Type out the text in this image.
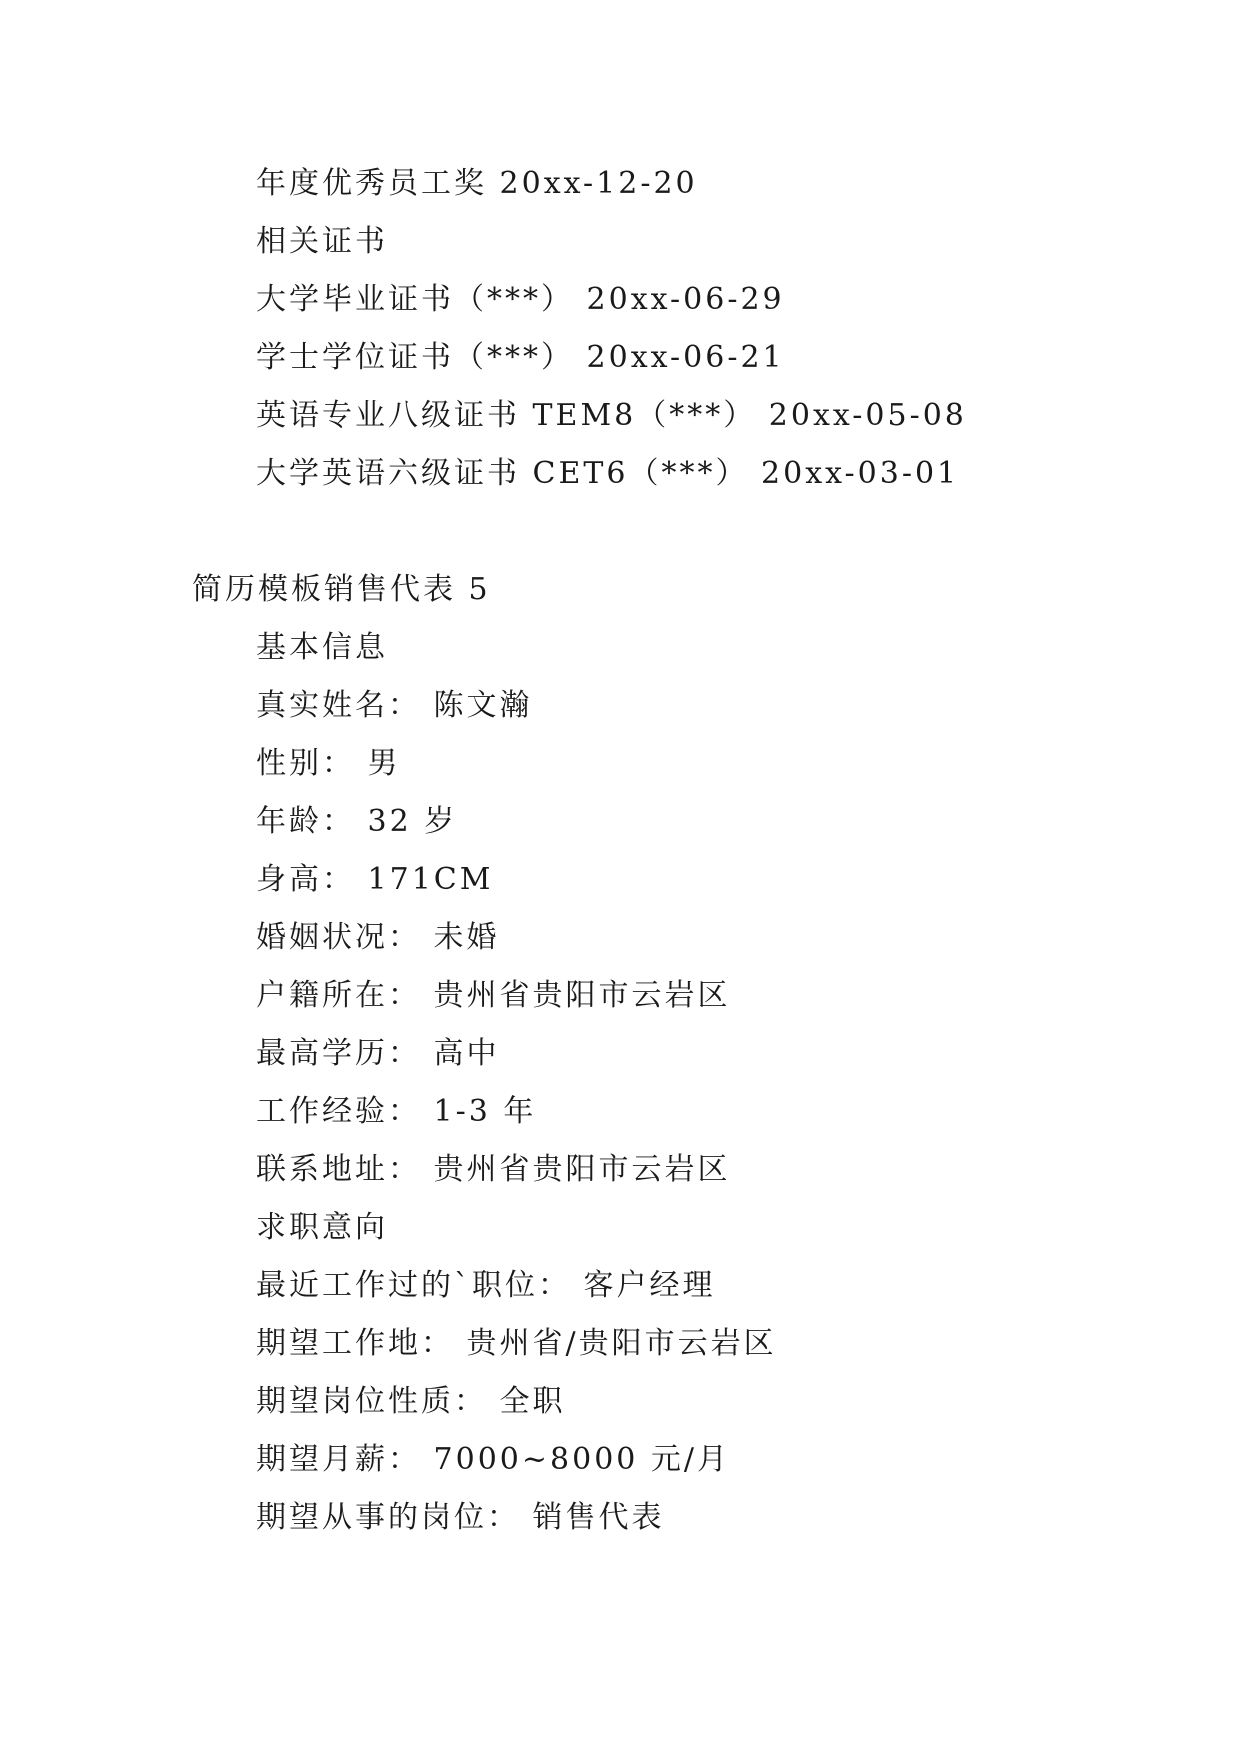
年度优秀员工奖 20xx-12-20
相关证书
大学毕业证书（***） 20xx-06-29
学士学位证书（***） 20xx-06-21
英语专业八级证书 TEM8（***） 20xx-05-08
大学英语六级证书 CET6（***） 20xx-03-01
简历模板销售代表 5
基本信息
真实姓名： 陈文瀚
性别： 男
年龄： 32 岁
身高： 171CM
婚姻状况： 未婚
户籍所在： 贵州省贵阳市云岩区
最高学历： 高中
工作经验： 1-3 年
联系地址： 贵州省贵阳市云岩区
求职意向
最近工作过的`职位： 客户经理
期望工作地： 贵州省/贵阳市云岩区
期望岗位性质： 全职
期望月薪： 7000~8000 元/月
期望从事的岗位： 销售代表
